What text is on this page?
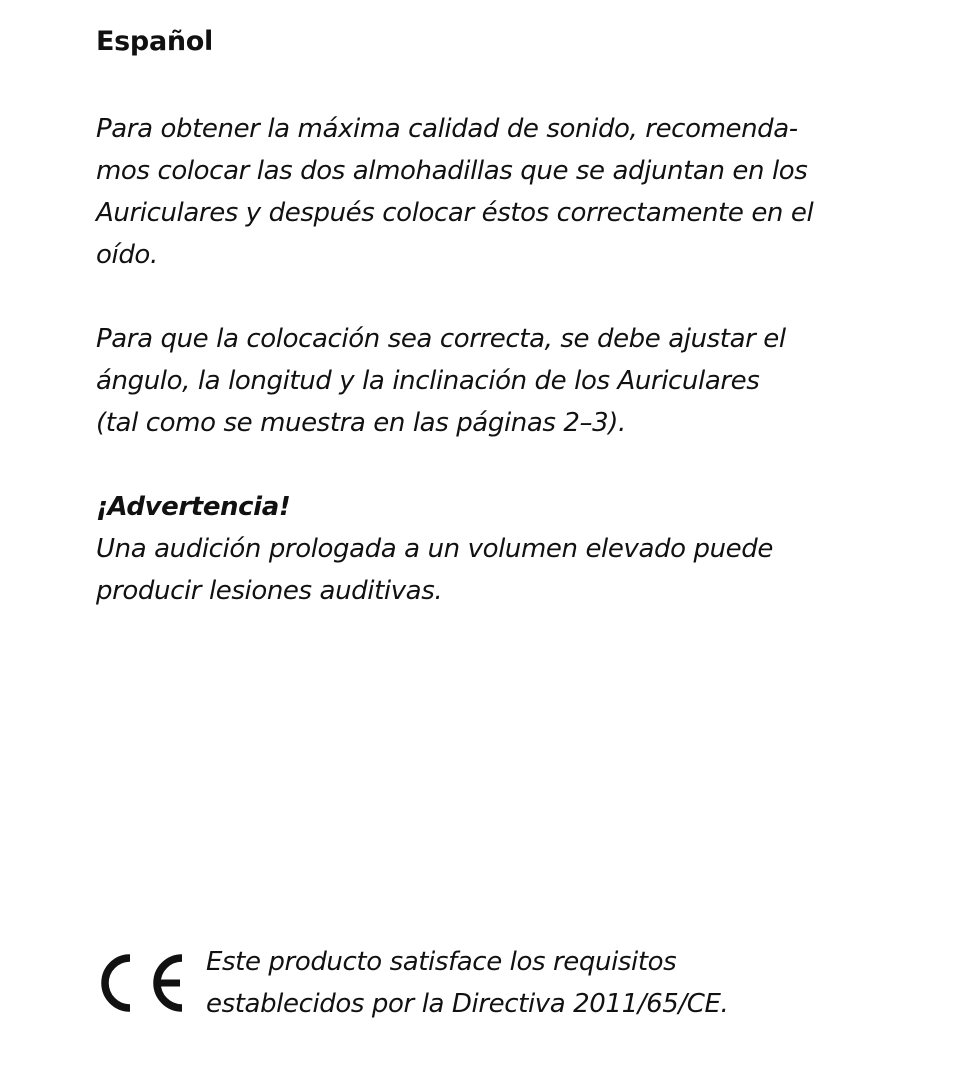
Español
Para obtener la máxima calidad de sonido, recomenda-
mos colocar las dos almohadillas que se adjuntan en los
Auriculares y después colocar éstos correctamente en el
oído.
Para que la colocación sea correcta, se debe ajustar el
ángulo, la longitud y la inclinación de los Auriculares
(tal como se muestra en las páginas 2–3).
¡Advertencia!
Una audición prologada a un volumen elevado puede
producir lesiones auditivas.
Este producto satisface los requisitos
establecidos por la Directiva 2011/65/CE.
